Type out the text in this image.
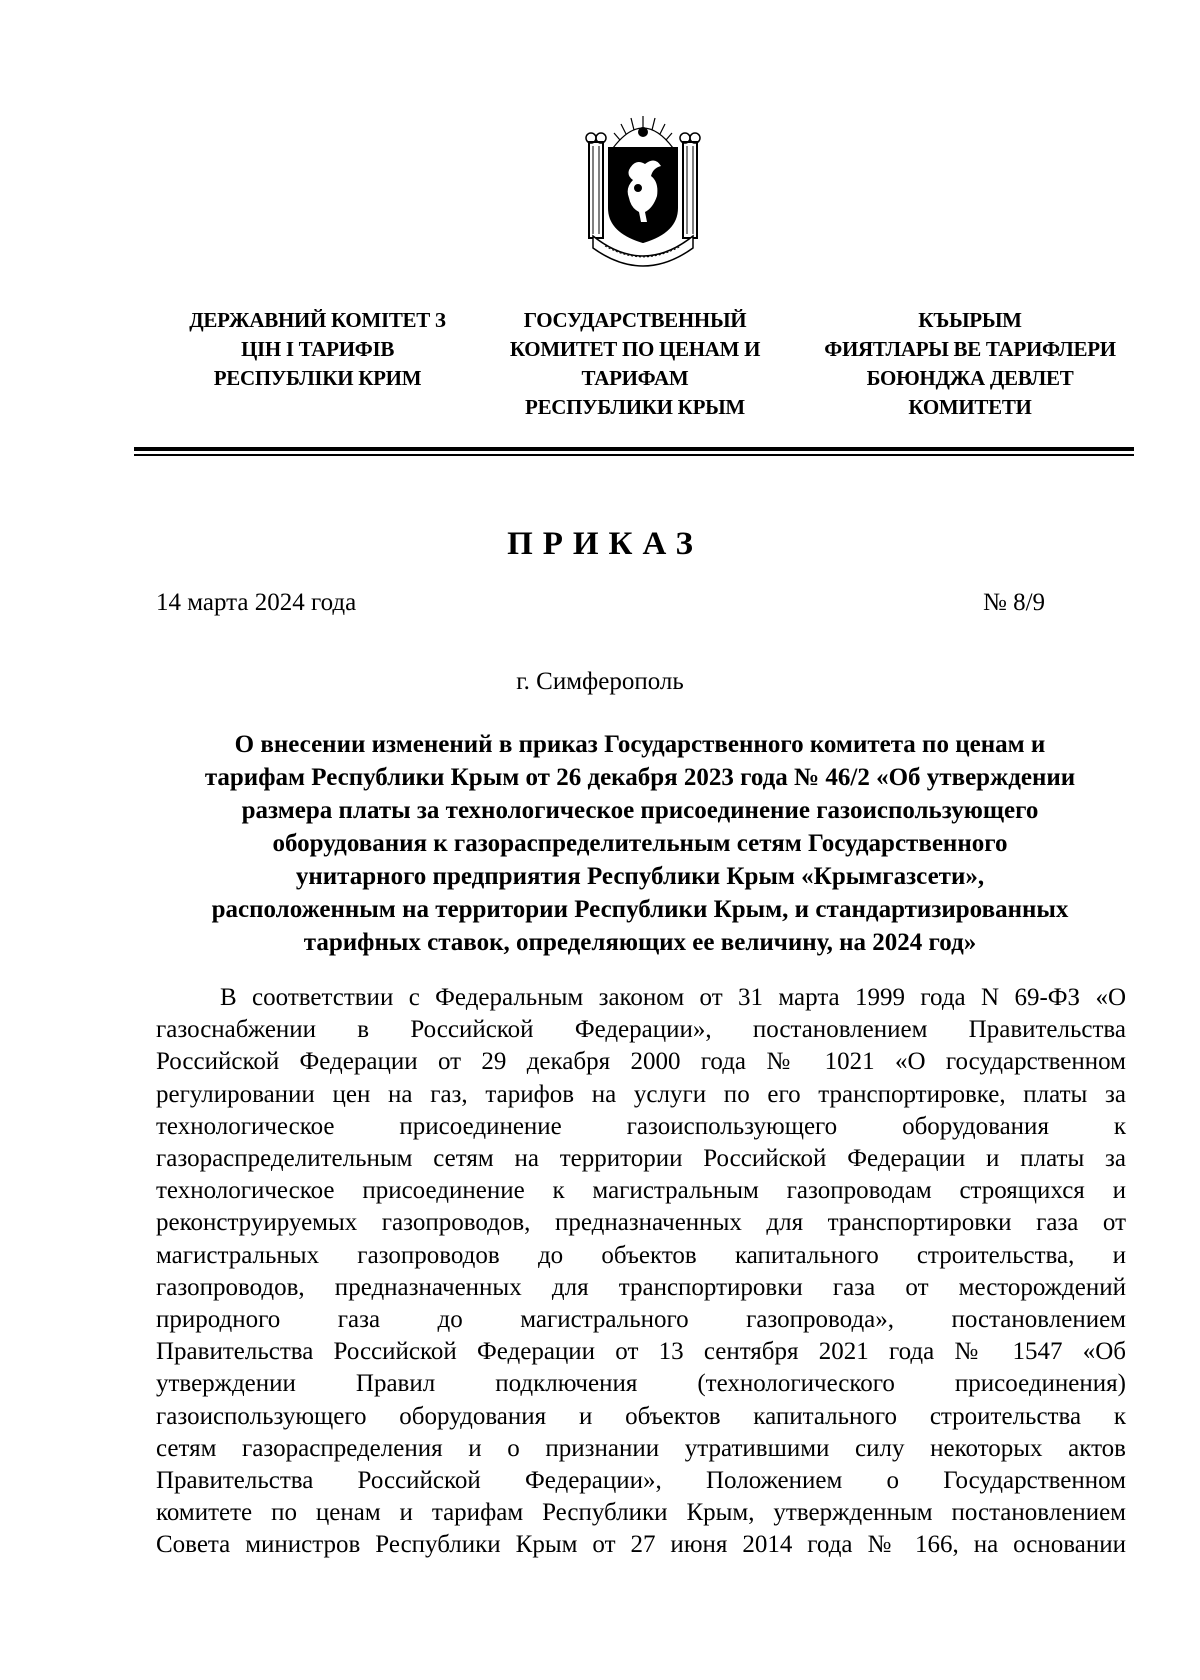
ДЕРЖАВНИЙ КОМІТЕТ З
ЦІН І ТАРИФІВ
РЕСПУБЛІКИ КРИМ
ГОСУДАРСТВЕННЫЙ
КОМИТЕТ ПО ЦЕНАМ И
ТАРИФАМ
РЕСПУБЛИКИ КРЫМ
КЪЫРЫМ
ФИЯТЛАРЫ ВЕ ТАРИФЛЕРИ
БОЮНДЖА ДЕВЛЕТ
КОМИТЕТИ
ПРИКАЗ
14 марта 2024 года	№ 8/9
г. Симферополь
О внесении изменений в приказ Государственного комитета по ценам и
тарифам Республики Крым от 26 декабря 2023 года № 46/2 «Об утверждении
размера платы за технологическое присоединение газоиспользующего
оборудования к газораспределительным сетям Государственного
унитарного предприятия Республики Крым «Крымгазсети»,
расположенным на территории Республики Крым, и стандартизированных
тарифных ставок, определяющих ее величину, на 2024 год»
В соответствии с Федеральным законом от 31 марта 1999 года N 69-ФЗ «О
газоснабжении в Российской Федерации», постановлением Правительства
Российской Федерации от 29 декабря 2000 года № 1021 «О государственном
регулировании цен на газ, тарифов на услуги по его транспортировке, платы за
технологическое присоединение газоиспользующего оборудования к
газораспределительным сетям на территории Российской Федерации и платы за
технологическое присоединение к магистральным газопроводам строящихся и
реконструируемых газопроводов, предназначенных для транспортировки газа от
магистральных газопроводов до объектов капитального строительства, и
газопроводов, предназначенных для транспортировки газа от месторождений
природного газа до магистрального газопровода», постановлением
Правительства Российской Федерации от 13 сентября 2021 года № 1547 «Об
утверждении Правил подключения (технологического присоединения)
газоиспользующего оборудования и объектов капитального строительства к
сетям газораспределения и о признании утратившими силу некоторых актов
Правительства Российской Федерации», Положением о Государственном
комитете по ценам и тарифам Республики Крым, утвержденным постановлением
Совета министров Республики Крым от 27 июня 2014 года № 166, на основании
